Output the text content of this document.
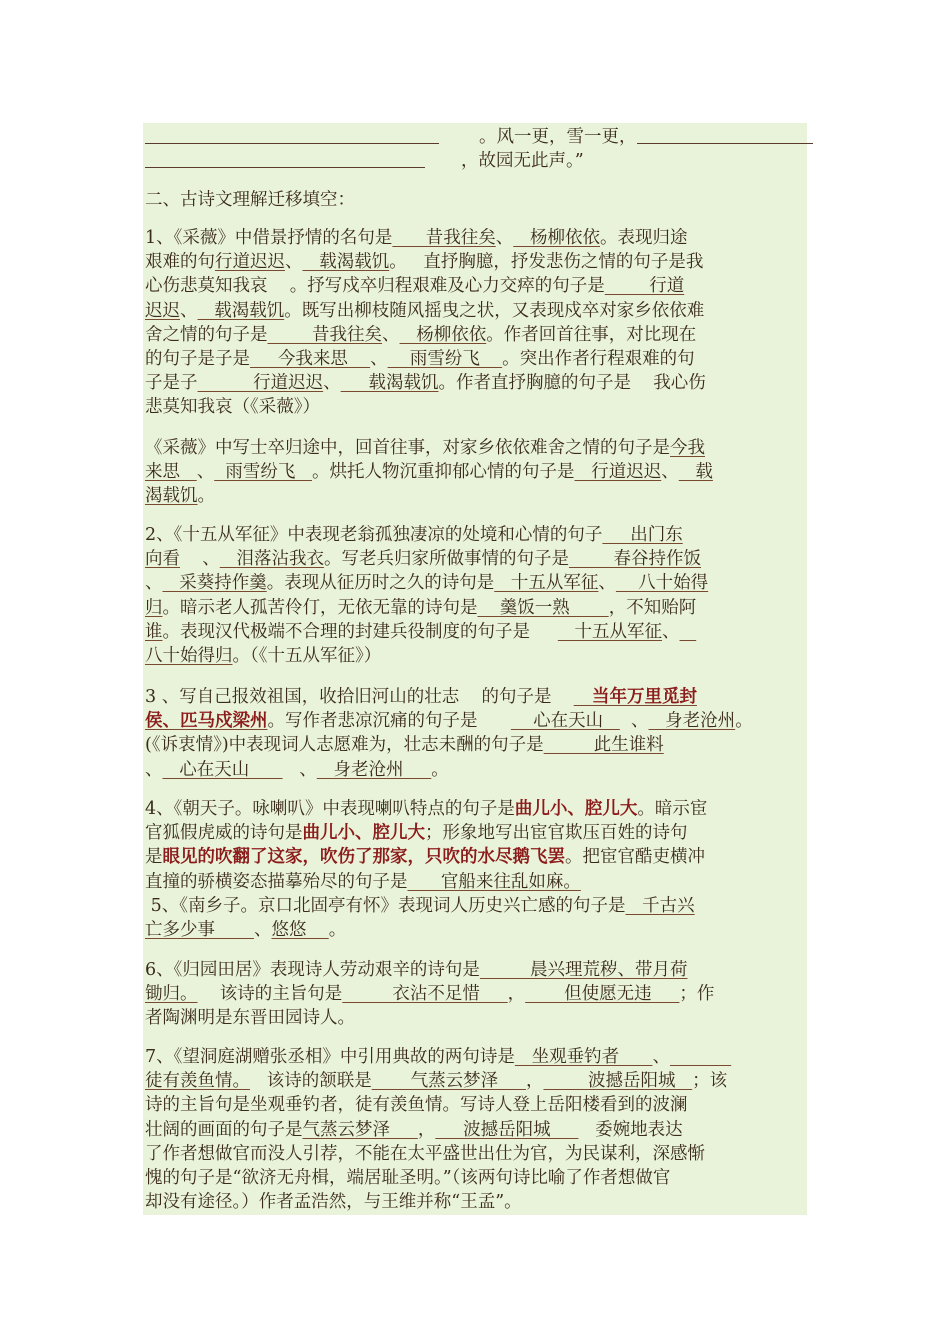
。风一更，雪一更，
，故园无此声。”
二、古诗文理解迁移填空：
1、《采薇》中借景抒情的名句是      昔我往矣、   杨柳依依。表现归途
艰难的句行道迟迟、   载渴载饥。   直抒胸臆，抒发悲伤之情的句子是我
心伤悲莫知我哀    。抒写戍卒归程艰难及心力交瘁的句子是        行道
迟迟、   载渴载饥。既写出柳枝随风摇曳之状，又表现戍卒对家乡依依难
舍之情的句子是        昔我往矣、   杨柳依依。作者回首往事，对比现在
的句子是子是     今我来思    、    雨雪纷飞    。突出作者行程艰难的句
子是子          行道迟迟、     载渴载饥。作者直抒胸臆的句子是    我心伤
悲莫知我哀（《采薇》）
《采薇》中写士卒归途中，回首往事，对家乡依依难舍之情的句子是今我
来思   、  雨雪纷飞   。烘托人物沉重抑郁心情的句子是   行道迟迟、   载
渴载饥。
2、《十五从军征》中表现老翁孤独凄凉的处境和心情的句子     出门东
向看    、   泪落沾我衣。写老兵归家所做事情的句子是        春谷持作饭
、   采葵持作羹。表现从征历时之久的诗句是   十五从军征、    八十始得
归。暗示老人孤苦伶仃，无依无靠的诗句是    羹饭一熟       ，不知贻阿
谁。表现汉代极端不合理的封建兵役制度的句子是        十五从军征、
八十始得归。（《十五从军征》）
3 、写自己报效祖国，收拾旧河山的壮志    的句子是       当年万里觅封
侯、匹马戍梁州。写作者悲凉沉痛的句子是          心在天山     、   身老沧州。
(《诉衷情》)中表现词人志愿难为，壮志未酬的句子是         此生谁料
、   心在天山         、   身老沧州     。
4、《朝天子。咏喇叭》中表现喇叭特点的句子是曲儿小、腔儿大。暗示宦
官狐假虎威的诗句是曲儿小、腔儿大；形象地写出宦官欺压百姓的诗句
是眼见的吹翻了这家，吹伤了那家，只吹的水尽鹅飞罢。把宦官酷吏横冲
直撞的骄横姿态描摹殆尽的句子是      官船来往乱如麻。
5、《南乡子。京口北固亭有怀》表现词人历史兴亡感的句子是   千古兴
亡多少事       、悠悠    。
6、《归园田居》表现诗人劳动艰辛的诗句是         晨兴理荒秽、带月荷
锄归。    该诗的主旨句是         衣沾不足惜     ，       但使愿无违     ；作
者陶渊明是东晋田园诗人。
7、《望洞庭湖赠张丞相》中引用典故的两句诗是   坐观垂钓者      、
徒有羡鱼情。   该诗的颔联是       气蒸云梦泽     ，        波撼岳阳城   ；该
诗的主旨句是坐观垂钓者，徒有羡鱼情。写诗人登上岳阳楼看到的波澜
壮阔的画面的句子是气蒸云梦泽     ，     波撼岳阳城        委婉地表达
了作者想做官而没人引荐，不能在太平盛世出仕为官，为民谋利，深感惭
愧的句子是“欲济无舟楫，端居耻圣明。”（该两句诗比喻了作者想做官
却没有途径。）作者孟浩然，与王维并称“王孟”。
